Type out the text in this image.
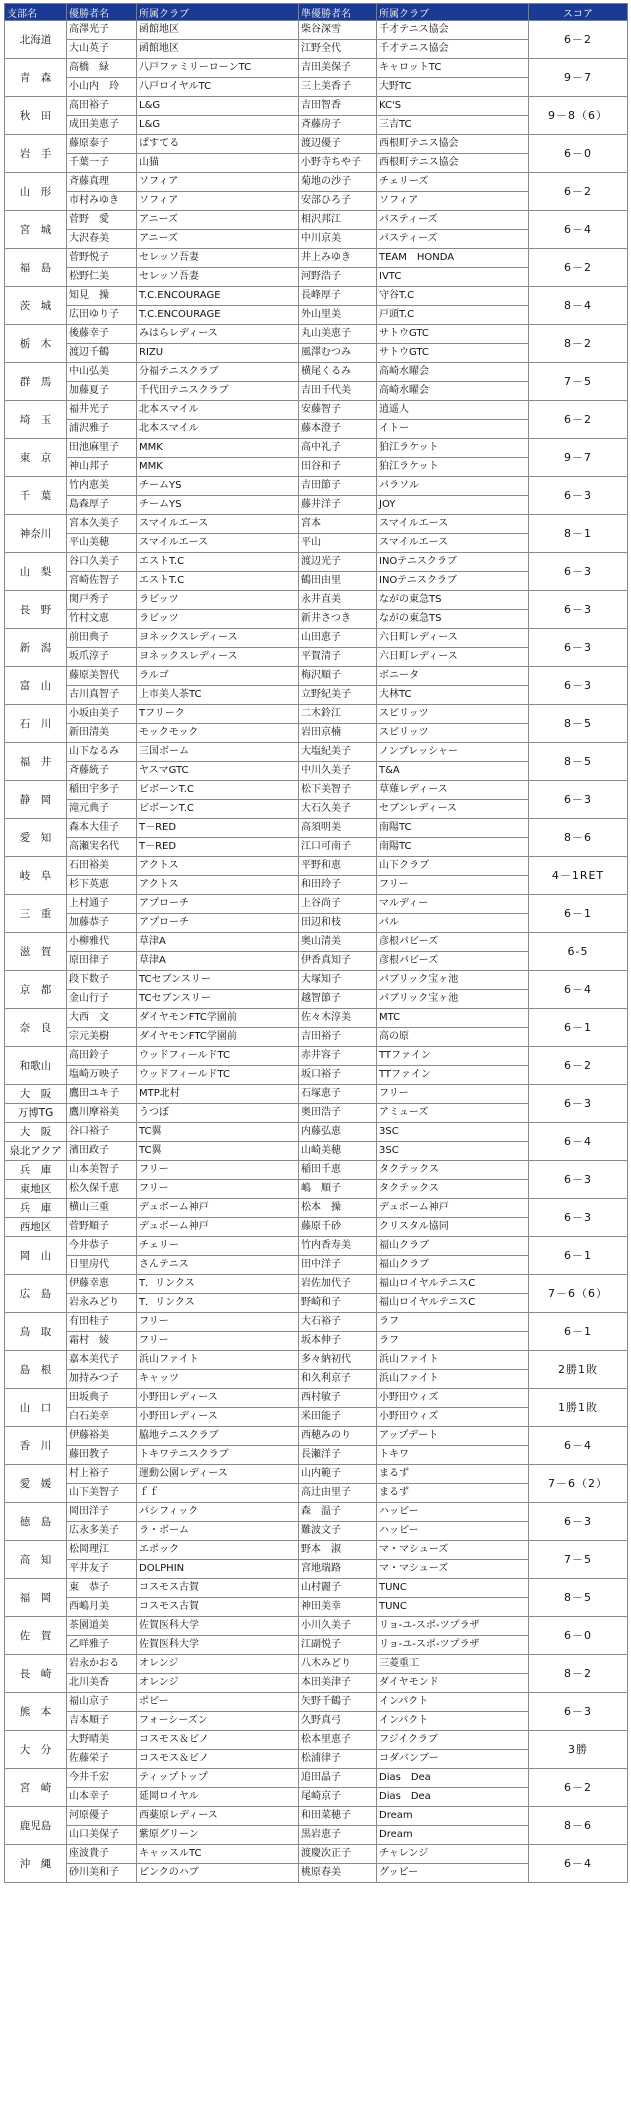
支部名	優勝者名	所属クラブ	準優勝者名	所属クラブ	スコア
北海道	高澤光子	函館地区	柴谷深雪	千才テニス協会	6－2
	大山英子	函館地区	江野全代	千才テニス協会	
青　森	高橋　緑	八戸ファミリーローンTC	吉田美保子	キャロットTC	9－7
	小山内　玲	八戸ロイヤルTC	三上美香子	大野TC	
秋　田	高田裕子	L&G	吉田智香	KC'S	9－8（6）
	成田美恵子	L&G	斉藤房子	三吉TC	
岩　手	藤原泰子	ぱすてる	渡辺優子	西根町テニス協会	6－0
	千葉一子	山猫	小野寺ちや子	西根町テニス協会	
山　形	斉藤真理	ソフィア	菊地の沙子	チェリーズ	6－2
	市村みゆき	ソフィア	安部ひろ子	ソフィア	
宮　城	菅野　愛	アニーズ	相沢邦江	パスティーズ	6－4
	大沢春美	アニーズ	中川京美	パスティーズ	
福　島	菅野悦子	セレッソ吾妻	井上みゆき	TEAM　HONDA	6－2
	松野仁美	セレッソ吾妻	河野浩子	IVTC	
茨　城	知見　操	T.C.ENCOURAGE	長峰厚子	守谷T.C	8－4
	広田ゆり子	T.C.ENCOURAGE	外山里美	戸頭T.C	
栃　木	後藤幸子	みはらレディース	丸山美恵子	サトウGTC	8－2
	渡辺千鶴	RIZU	風澤むつみ	サトウGTC	
群　馬	中山弘美	分福テニスクラブ	横尾くるみ	高崎水曜会	7－5
	加藤夏子	千代田テニスクラブ	吉田千代美	高崎水曜会	
埼　玉	福井光子	北本スマイル	安藤智子	逍遥人	6－2
	浦沢雅子	北本スマイル	藤本澄子	イトー	
東　京	田池麻里子	MMK	高中礼子	狛江ラケット	9－7
	神山邦子	MMK	田谷和子	狛江ラケット	
千　葉	竹内恵美	チームYS	吉田節子	パラソル	6－3
	島森厚子	チームYS	藤井洋子	JOY	
神奈川	宮本久美子	スマイルエース	宮本	スマイルエース	8－1
	平山美穂	スマイルエース	平山	スマイルエース	
山　梨	谷口久美子	エストT.C	渡辺光子	INOテニスクラブ	6－3
	宮崎佐智子	エストT.C	鶴田由里	INOテニスクラブ	
長　野	関戸秀子	ラビッツ	永井直美	ながの東急TS	6－3
	竹村文恵	ラビッツ	新井さつき	ながの東急TS	
新　潟	前田典子	ヨネックスレディース	山田恵子	六日町レディース	6－3
	坂爪淳子	ヨネックスレディース	平賀清子	六日町レディース	
富　山	藤原美智代	ラルゴ	梅沢順子	ボニータ	6－3
	古川真智子	上市美人茶TC	立野紀美子	大林TC	
石　川	小坂由美子	Tフリーク	二木鈴江	スピリッツ	8－5
	新田清美	モックモック	岩田京楠	スピリッツ	
福　井	山下なるみ	三国ボーム	大塩紀美子	ノンプレッシャー	8－5
	斉藤統子	ヤスマGTC	中川久美子	T&A	
静　岡	稲田宇多子	ビボーンT.C	松下美智子	草薙レディース	6－3
	滝元典子	ビボーンT.C	大石久美子	セブンレディース	
愛　知	森本大佳子	T－RED	高須明美	南陽TC	8－6
	高瀬実名代	T－RED	江口可南子	南陽TC	
岐　阜	石田裕美	アクトス	平野和恵	山下クラブ	4－1RET
	杉下英恵	アクトス	和田玲子	フリー	
三　重	上村通子	アプローチ	上谷尚子	マルディー	6－1
	加藤恭子	アプローチ	田辺和枝	パル	
滋　賀	小柳雅代	草津A	奥山清美	彦根パビーズ	6-5
	原田律子	草津A	伊香真知子	彦根パビーズ	
京　都	段下数子	TCセブンスリー	大塚知子	パブリック宝ヶ池	6－4
	金山行子	TCセブンスリー	越智節子	パブリック宝ヶ池	
奈　良	大西　文	ダイヤモンFTC学園前	佐々木淳美	MTC	6－1
	宗元美樹	ダイヤモンFTC学園前	吉田裕子	高の原	
和歌山	高田鈴子	ウッドフィールドTC	赤井容子	TTファイン	6－2
	塩崎万映子	ウッドフィールドTC	坂口裕子	TTファイン	
大　阪	鷹田ユキ子	MTP北村	石塚恵子	フリー	6－3
万博TG	鷹川摩裕美	うつぼ	奥田浩子	アミューズ	
大　阪	谷口裕子	TC翼	内藤弘恵	3SC	6－4
泉北アクア	濱田政子	TC翼	山崎美穂	3SC	
兵　庫	山本美智子	フリー	稲田千恵	タクテックス	6－3
東地区	松久保千恵	フリー	嶋　順子	タクテックス	
兵　庫	横山三重	デュボーム神戸	松本　操	デュボーム神戸	6－3
西地区	菅野順子	デュボーム神戸	藤原千砂	クリスタル協同	
岡　山	今井恭子	チェリー	竹内香寿美	福山クラブ	6－1
	日里房代	さんテニス	田中洋子	福山クラブ	
広　島	伊藤幸恵	T．リンクス	岩佐加代子	福山ロイヤルテニスC	7－6（6）
	岩永みどり	T．リンクス	野崎和子	福山ロイヤルテニスC	
鳥　取	有田桂子	フリー	大石裕子	ラフ	6－1
	霜村　綾	フリー	坂本伸子	ラフ	
島　根	嘉本美代子	浜山ファイト	多々納初代	浜山ファイト	2勝1敗
	加持みつ子	キャッツ	和久利京子	浜山ファイト	
山　口	田坂典子	小野田レディース	西村敏子	小野田ウィズ	1勝1敗
	白石美幸	小野田レディース	米田能子	小野田ウィズ	
香　川	伊藤裕美	脇地テニスクラブ	西穂みのり	アップデート	6－4
	藤田教子	トキワテニスクラブ	長瀬洋子	トキワ	
愛　媛	村上裕子	運動公園レディース	山内範子	まるず	7－6（2）
	山下美智子	ｆｆ	高辻由里子	まるず	
徳　島	岡田洋子	パシフィック	森　温子	ハッピー	6－3
	広永多美子	ラ・ボーム	難波文子	ハッピー	
高　知	松岡理江	エポック	野本　淑	マ・マシューズ	7－5
	平井友子	DOLPHIN	宮地瑞路	マ・マシューズ	
福　岡	東　恭子	コスモス古賀	山村麗子	TUNC	8－5
	西嶋月美	コスモス古賀	神田美幸	TUNC	
佐　賀	茶園道美	佐賀医科大学	小川久美子	リョ-ユ-スポ-ツプラザ	6－0
	乙咩雅子	佐賀医科大学	江副悦子	リョ-ユ-スポ-ツプラザ	
長　崎	岩永かおる	オレンジ	八木みどり	三菱重工	8－2
	北川美香	オレンジ	本田美津子	ダイヤモンド	
熊　本	福山京子	ポピー	矢野千鶴子	インパクト	6－3
	吉本順子	フォーシーズン	久野真弓	インパクト	
大　分	大野晴美	コスモス＆ビノ	松本里恵子	フジイクラブ	3勝
	佐藤栄子	コスモス＆ビノ	松浦律子	コダバンブー	
宮　崎	今井千宏	ティップトップ	追田晶子	Dias　Dea	6－2
	山本幸子	延岡ロイヤル	尾崎京子	Dias　Dea	
鹿児島	河原優子	西薬原レディース	和田菜穂子	Dream	8－6
	山口美保子	紫原グリーン	黒岩恵子	Dream	
沖　縄	座波貴子	キャッスルTC	渡慶次正子	チャレンジ	6－4
	砂川美和子	ピンクのハブ	桃原春美	グッピー	
